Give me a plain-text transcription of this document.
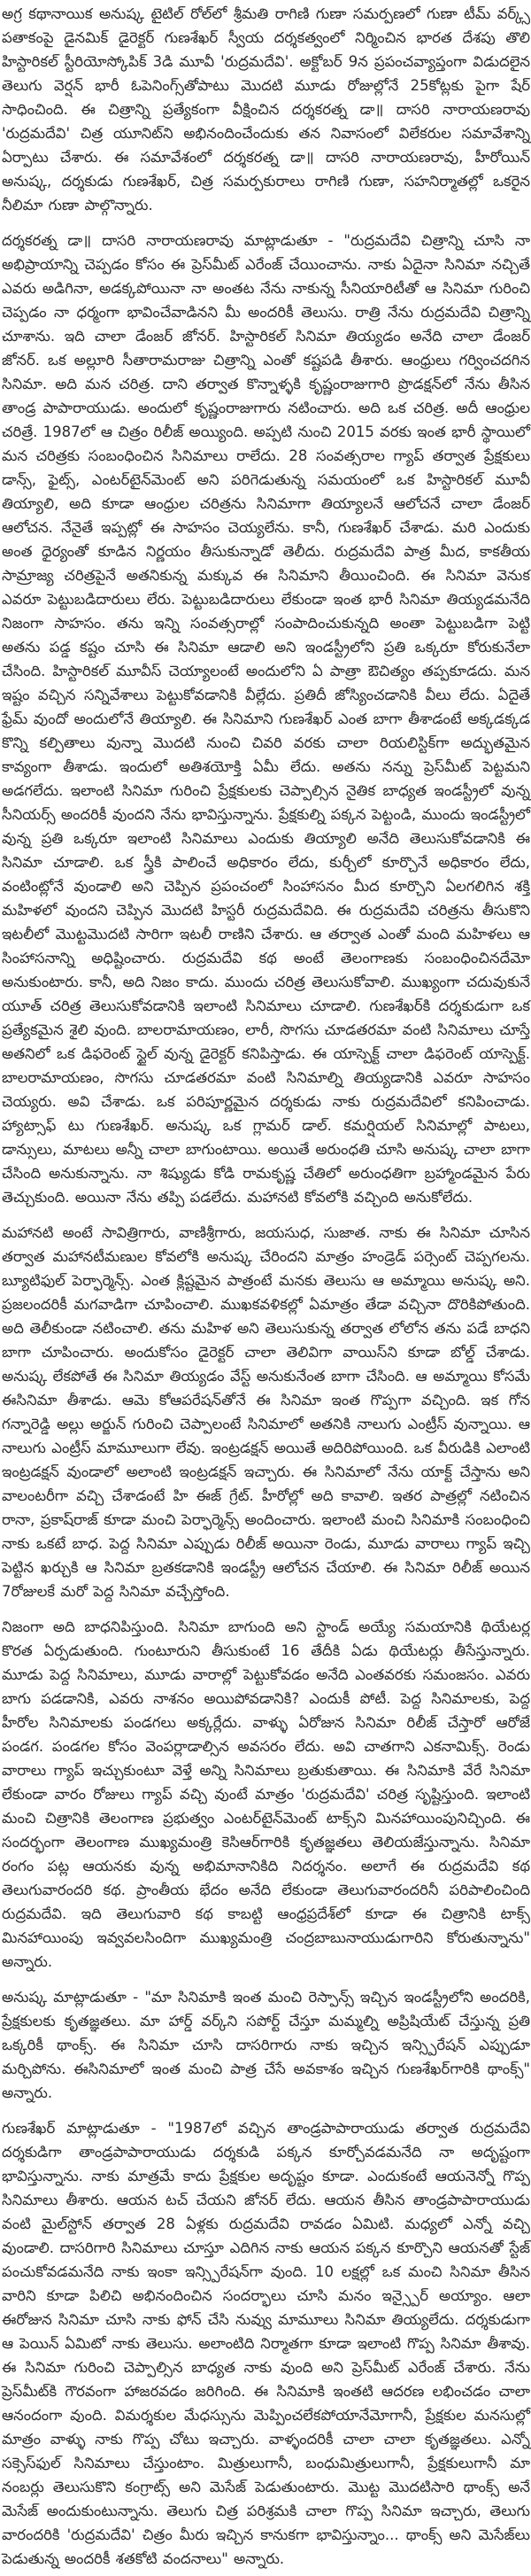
అగ్ర కథానాయిక అనుష్క టైటిల్ రోల్‌లో శ్రీమతి రాగిణి గుణా సమర్పణలో గుణా టీమ్ వర్క్స్ పతాకంపై డైనమిక్ డైరెక్టర్ గుణశేఖర్ స్వీయ దర్శకత్వంలో నిర్మించిన భారత దేశపు తొలి హిస్టారికల్ స్టీరియోస్కోపిక్ 3డి మూవీ 'రుద్రమదేవి'. అక్టోబర్ 9న ప్రపంచవ్యాప్తంగా విడుదలైన తెలుగు వెర్షన్ భారీ ఓపెనింగ్స్‌తోపాటు మొదటి మూడు రోజుల్లోనే 25కోట్లకు పైగా షేర్ సాధించింది. ఈ చిత్రాన్ని ప్రత్యేకంగా వీక్షించిన దర్శకరత్న డా॥ దాసరి నారాయణరావు 'రుద్రమదేవి' చిత్ర యూనిట్‌ని అభినందించేందుకు తన నివాసంలో విలేకరుల సమావేశాన్ని ఏర్పాటు చేశారు. ఈ సమావేశంలో దర్శకరత్న డా॥ దాసరి నారాయణరావు, హీరోయిన్ అనుష్క, దర్శకుడు గుణశేఖర్, చిత్ర సమర్పకురాలు రాగిణి గుణా, సహనిర్మాతల్లో ఒకరైన నీలిమా గుణా పాల్గొన్నారు.

దర్శకరత్న డా॥ దాసరి నారాయణరావు మాట్లాడుతూ - "రుద్రమదేవి చిత్రాన్ని చూసి నా అభిప్రాయాన్ని చెప్పడం కోసం ఈ ప్రెస్‌మీట్ ఎరేంజ్ చేయించాను. నాకు ఏదైనా సినిమా నచ్చితే ఎవరు అడిగినా, అడక్కపోయినా నా అంతట నేను నాకున్న సీనియారిటీతో ఆ సినిమా గురించి చెప్పడం నా ధర్మంగా భావించేవాడినని మీ అందరికీ తెలుసు. రాత్రి నేను రుద్రమదేవి చిత్రాన్ని చూశాను. ఇది చాలా డేంజర్ జోనర్. హిస్టారికల్ సినిమా తియ్యడం అనేది చాలా డేంజర్ జోనర్. ఒక అల్లూరి సీతారామరాజు చిత్రాన్ని ఎంతో కష్టపడి తీశారు. ఆంధ్రులు గర్వించదగిన సినిమా. అది మన చరిత్ర. దాని తర్వాత కొన్నాళ్ళకి కృష్ణంరాజుగారి ప్రొడక్షన్‌లో నేను తీసిన తాండ్ర పాపారాయుడు. అందులో కృష్ణంరాజుగారు నటించారు. అది ఒక చరిత్ర. అదీ ఆంధ్రుల చరిత్రే. 1987లో ఆ చిత్రం రిలీజ్ అయ్యింది. అప్పటి నుంచి 2015 వరకు ఇంత భారీ స్థాయిలో మన చరిత్రకు సంబంధించిన సినిమాలు రాలేదు. 28 సంవత్సరాల గ్యాప్ తర్వాత ప్రేక్షకులు డాన్స్, ఫైట్స్, ఎంటర్‌టైన్‌మెంట్ అని పరిగెడుతున్న సమయంలో ఒక హిస్టారికల్ మూవీ తియ్యాలి, అది కూడా ఆంధ్రుల చరిత్రను సినిమాగా తియ్యాలనే ఆలోచనే చాలా డేంజర్ ఆలోచన. నేనైతే ఇప్పట్లో ఈ సాహసం చెయ్యలేను. కానీ, గుణశేఖర్ చేశాడు. మరి ఎందుకు అంత ధైర్యంతో కూడిన నిర్ణయం తీసుకున్నాడో తెలీదు. రుద్రమదేవి పాత్ర మీద, కాకతీయ సామ్రాజ్య చరిత్రపైనే అతనికున్న మక్కువ ఈ సినిమాని తీయించింది. ఈ సినిమా వెనుక ఎవరూ పెట్టుబడిదారులు లేరు. పెట్టుబడిదారులు లేకుండా ఇంత భారీ సినిమా తియ్యడమనేది నిజంగా సాహసం. తను ఇన్ని సంవత్సరాల్లో సంపాదించుకున్నది అంతా పెట్టుబడిగా పెట్టి అతను పడ్డ కష్టం చూసి ఈ సినిమా ఆడాలి అని ఇండస్ట్రీలోని ప్రతి ఒక్కరూ కోరుకునేలా చేసింది. హిస్టారికల్ మూవీస్ చెయ్యాలంటే అందులోని ఏ పాత్రా ఔచిత్యం తప్పకూడదు. మన ఇష్టం వచ్చిన సన్నివేశాలు పెట్టుకోవడానికి వీల్లేదు. ప్రతిదీ జోస్యించడానికి వీలు లేదు. ఏదైతే ఫ్రేమ్ వుందో అందులోనే తియ్యాలి. ఈ సినిమాని గుణశేఖర్ ఎంత బాగా తీశాడంటే అక్కడక్కడ కొన్ని కల్పితాలు వున్నా మొదటి నుంచి చివరి వరకు చాలా రియలిస్టిక్‌గా అద్భుతమైన కావ్యంగా తీశాడు. ఇందులో అతిశయోక్తి ఏమీ లేదు. అతను నన్ను ప్రెస్‌మీట్ పెట్టమని అడగలేదు. ఇలాంటి సినిమా గురించి ప్రేక్షకులకు చెప్పాల్సిన నైతిక బాధ్యత ఇండస్ట్రీలో వున్న సీనియర్స్ అందరికీ వుందని నేను భావిస్తున్నాను. ప్రేక్షకుల్ని పక్కన పెట్టండి, ముందు ఇండస్ట్రీలో వున్న ప్రతి ఒక్కరూ ఇలాంటి సినిమాలు ఎందుకు తియ్యాలి అనేది తెలుసుకోవడానికి ఈ సినిమా చూడాలి. ఒక స్త్రీకి పాలించే అధికారం లేదు, కుర్చీలో కూర్చొనే అధికారం లేదు, వంటింట్లోనే వుండాలి అని చెప్పిన ప్రపంచంలో సింహాసనం మీద కూర్చొని ఏలగలిగిన శక్తి మహిళలో వుందని చెప్పిన మొదటి హిస్టరీ రుద్రమదేవిది. ఈ రుద్రమదేవి చరిత్రను తీసుకొని ఇటలీలో మొట్టమొదటి సారిగా ఇటలీ రాణిని చేశారు. ఆ తర్వాత ఎంతో మంది మహిళలు ఆ సింహాసనాన్ని అధిష్టించారు. రుద్రమదేవి కథ అంటే తెలంగాణకు సంబంధించినదేమో అనుకుంటారు. కానీ, అది నిజం కాదు. ముందు చరిత్ర తెలుసుకోవాలి. ముఖ్యంగా చదువుకునే యూత్ చరిత్ర తెలుసుకోవడానికి ఇలాంటి సినిమాలు చూడాలి. గుణశేఖర్‌కి దర్శకుడుగా ఒక ప్రత్యేకమైన శైలి వుంది. బాలరామాయణం, లారీ, సొగసు చూడతరమా వంటి సినిమాలు చూస్తే అతనిలో ఒక డిఫరెంట్ స్టైల్ వున్న డైరెక్టర్ కనిపిస్తాడు. ఈ యాస్పెక్ట్ చాలా డిఫరెంట్ యాస్పెక్ట్. బాలరామాయణం, సొగసు చూడతరమా వంటి సినిమాల్ని తియ్యడానికి ఎవరూ సాహసం చెయ్యరు. అవి చేశాడు. ఒక పరిపూర్ణమైన దర్శకుడు నాకు రుద్రమదేవిలో కనిపించాడు. హ్యాట్సాఫ్ టు గుణశేఖర్. అనుష్క ఒక గ్లామర్ డాల్. కమర్షియల్ సినిమాల్లో పాటలు, డాన్సులు, మాటలు అన్నీ చాలా బాగుంటాయి. అయితే అరుంధతి చూసి అనుష్క చాలా బాగా చేసింది అనుకున్నాను. నా శిష్యుడు కోడి రామకృష్ణ చేతిలో అరుంధతిగా బ్రహ్మాండమైన పేరు తెచ్చుకుంది. అయినా నేను తప్పి పడలేదు. మహానటి కోవలోకి వచ్చింది అనుకోలేదు.

మహానటి అంటే సావిత్రిగారు, వాణిశ్రీగారు, జయసుధ, సుజాత. నాకు ఈ సినిమా చూసిన తర్వాత మహానటీమణుల కోవలోకి అనుష్క చేరిందని మాత్రం హండ్రెడ్ పర్సెంట్ చెప్పగలను. బ్యూటిఫుల్ పెర్ఫార్మెన్స్. ఎంత క్లిష్టమైన పాత్రంటే మనకు తెలుసు ఆ అమ్మాయి అనుష్క అని. ప్రజలందరికీ మగవాడిగా చూపించాలి. ముఖకవళికల్లో ఏమాత్రం తేడా వచ్చినా దొరికిపోతుంది. అది తెలీకుండా నటించాలి. తను మహిళ అని తెలుసుకున్న తర్వాత లోలోన తను పడే బాధని బాగా చూపించారు. అందుకోసం డైరెక్టర్ చాలా తెలివిగా వాయిస్‌ని కూడా బోల్డ్ చేశాడు. అనుష్క లేకపోతే ఈ సినిమా తియ్యడం వేస్ట్ అనుకునేంత బాగా చేసింది. ఆ అమ్మాయి కోసమే ఈసినిమా తీశాడు. ఆమె కోఆపరేషన్‌తోనే ఈ సినిమా ఇంత గొప్పగా వచ్చింది. ఇక గోన గన్నారెడ్డి అల్లు అర్జున్ గురించి చెప్పాలంటే సినిమాలో అతనికి నాలుగు ఎంట్రీస్ వున్నాయి. ఆ నాలుగు ఎంట్రీస్ మామూలుగా లేవు. ఇంట్రడక్షన్ అయితే అదిరిపోయింది. ఒక వీరుడికి ఎలాంటి ఇంట్రడక్షన్ వుండాలో అలాంటి ఇంట్రడక్షన్ ఇచ్చారు. ఈ సినిమాలో నేను యాక్ట్ చేస్తాను అని వాలంటరీగా వచ్చి చేశాడంటే హి ఈజ్ గ్రేట్. హీరోల్లో అది కావాలి. ఇతర పాత్రల్లో నటించిన రానా, ప్రకాష్‌రాజ్ కూడా మంచి పెర్ఫార్మెన్స్ అందించారు. ఇలాంటి మంచి సినిమాకి సంబంధించి నాకు ఒకటే బాధ. పెద్ద సినిమా ఎప్పుడు రిలీజ్ అయినా రెండు, మూడు వారాలు గ్యాప్ ఇచ్చి పెట్టిన ఖర్చుకి ఆ సినిమా బ్రతకడానికి ఇండస్ట్రీ ఆలోచన చేయాలి. ఈ సినిమా రిలీజ్ అయిన 7రోజులకే మరో పెద్ద సినిమా వచ్చేస్తోంది.

నిజంగా అది బాధనిపిస్తుంది. సినిమా బాగుంది అని స్టాండ్ అయ్యే సమయానికి థియేటర్ల కొరత ఏర్పడుతుంది. గుంటూరుని తీసుకుంటే 16 తేదీకి ఏడు థియేటర్లు తీసేస్తున్నారు. మూడు పెద్ద సినిమాలు, మూడు వారాల్లో పెట్టుకోవడం అనేది ఎంతవరకు సమంజసం. ఎవరు బాగు పడడానికి, ఎవరు నాశనం అయిపోవడానికి? ఎందుకీ పోటీ. పెద్ద సినిమాలకు, పెద్ద హీరోల సినిమాలకు పండగలు అక్కర్లేదు. వాళ్ళు ఏరోజున సినిమా రిలీజ్ చేస్తారో ఆరోజే పండగ. పండగల కోసం వెంపర్లాడాల్సిన అవసరం లేదు. అవి చాతగాని ఎకనామిక్స్. రెండు వారాలు గ్యాప్ ఇచ్చుకుంటూ వెళ్తే అన్ని సినిమాలు బ్రతుకుతాయి. ఈ సినిమాకి వేరే సినిమా లేకుండా వారం రోజులు గ్యాప్ వచ్చి వుంటే మాత్రం 'రుద్రమదేవి' చరిత్ర సృష్టిస్తుంది. ఇలాంటి మంచి చిత్రానికి తెలంగాణ ప్రభుత్వం ఎంటర్‌టైన్‌మెంట్ టాక్స్‌ని మినహాయింపునిచ్చింది. ఈ సందర్భంగా తెలంగాణ ముఖ్యమంత్రి కెసిఆర్‌గారికి కృతజ్ఞతలు తెలియజేస్తున్నాను. సినిమా రంగం పట్ల ఆయనకు వున్న అభిమానానికిది నిదర్శనం. అలాగే ఈ రుద్రమదేవి కథ తెలుగువారందరి కథ. ప్రాంతీయ భేదం అనేది లేకుండా తెలుగువారందరినీ పరిపాలించింది రుద్రమదేవి. ఇది తెలుగువారి కథ కాబట్టి ఆంధ్రప్రదేశ్‌లో కూడా ఈ చిత్రానికి టాక్స్ మినహాయింపు ఇవ్వవలసిందిగా ముఖ్యమంత్రి చంద్రబాబునాయుడుగారిని కోరుతున్నాను" అన్నారు.

అనుష్క మాట్లాడుతూ - "మా సినిమాకి ఇంత మంచి రెస్పాన్స్ ఇచ్చిన ఇండస్ట్రీలోని అందరికి, ప్రేక్షకులకు కృతజ్ఞతలు. మా హార్డ్ వర్క్‌ని సపోర్ట్ చేస్తూ మమ్మల్ని అప్రిషియేట్ చేస్తున్న ప్రతి ఒక్కరికీ థాంక్స్. ఈ సినిమా చూసి దాసరిగారు నాకు ఇచ్చిన ఇన్స్పిరేషన్ ఎప్పుడూ మర్చిపోను. ఈసినిమాలో ఇంత మంచి పాత్ర చేసే అవకాశం ఇచ్చిన గుణశేఖర్‌గారికి థాంక్స్" అన్నారు.

గుణశేఖర్ మాట్లాడుతూ - "1987లో వచ్చిన తాండ్రపాపారాయుడు తర్వాత రుద్రమదేవి దర్శకుడిగా తాండ్రపాపారాయుడు దర్శకుడి పక్కన కూర్చోవడమనేది నా అదృష్టంగా భావిస్తున్నాను. నాకు మాత్రమే కాదు ప్రేక్షకుల అదృష్టం కూడా. ఎందుకంటే ఆయనెన్నో గొప్ప సినిమాలు తీశారు. ఆయన టచ్ చేయని జోనర్ లేదు. ఆయన తీసిన తాండ్రపాపారాయుడు వంటి మైల్‌స్టోన్ తర్వాత 28 ఏళ్లకు రుద్రమదేవి రావడం ఏమిటి. మధ్యలో ఎన్నో వచ్చి వుండాలి. దాసరిగారి సినిమాలు చూస్తూ ఎదిగిన నాకు ఆయన పక్కన కూర్చొని ఆయనతో స్టేజ్ పంచుకోవడమనేది నాకు ఇంకా ఇన్స్పిరేషన్‌గా వుంది. 10 లక్షల్లో ఒక మంచి సినిమా తీసిన వారిని కూడా పిలిచి అభినందించిన సందర్భాలు చూసి మనం ఇన్స్పైర్ అయ్యాం. ఆలా ఈరోజున సినిమా చూసి నాకు ఫోన్ చేసి నువ్వు మామూలు సినిమా తియ్యలేదు. దర్శకుడుగా ఆ పెయిన్ ఏమిటో నాకు తెలుసు. అలాంటిది నిర్మాతగా కూడా ఇలాంటి గొప్ప సినిమా తీశావు. ఈ సినిమా గురించి చెప్పాల్సిన బాధ్యత నాకు వుంది అని ప్రెస్‌మీట్ ఎరేంజ్ చేశారు. నేను ప్రెస్‌మీట్‌కి గౌరవంగా హాజరవడం జరిగింది. ఈ సినిమాకి ఇంతటి ఆదరణ లభించడం చాలా ఆనందంగా వుంది. విమర్శకుల మేధస్సును మెప్పించలేకపోయానేమోగానీ, ప్రేక్షకుల మనసుల్లో మాత్రం వాళ్ళు నాకు గొప్ప చోటు ఇచ్చారు. వాళ్ళందరికీ చాలా చాలా కృతజ్ఞతలు. ఎన్నో సక్సెస్‌ఫుల్ సినిమాలు చేస్తుంటాం. మిత్రులుగానీ, బంధుమిత్రులుగానీ, ప్రేక్షకులుగానీ మా నంబర్లు తెలుసుకొని కంగ్రాట్స్ అని మెసేజ్ పెడుతుంటారు. మొట్ట మొదటిసారి థాంక్స్ అనే మెసేజ్ అందుకుంటున్నాను. తెలుగు చిత్ర పరిశ్రమకి చాలా గొప్ప సినిమా ఇచ్చారు, తెలుగు వారందరికి 'రుద్రమదేవి' చిత్రం మీరు ఇచ్చిన కానుకగా భావిస్తున్నాం... థాంక్స్ అని మెసేజ్‌లు పెడుతున్న అందరికీ శతకోటి వందనాలు" అన్నారు.
